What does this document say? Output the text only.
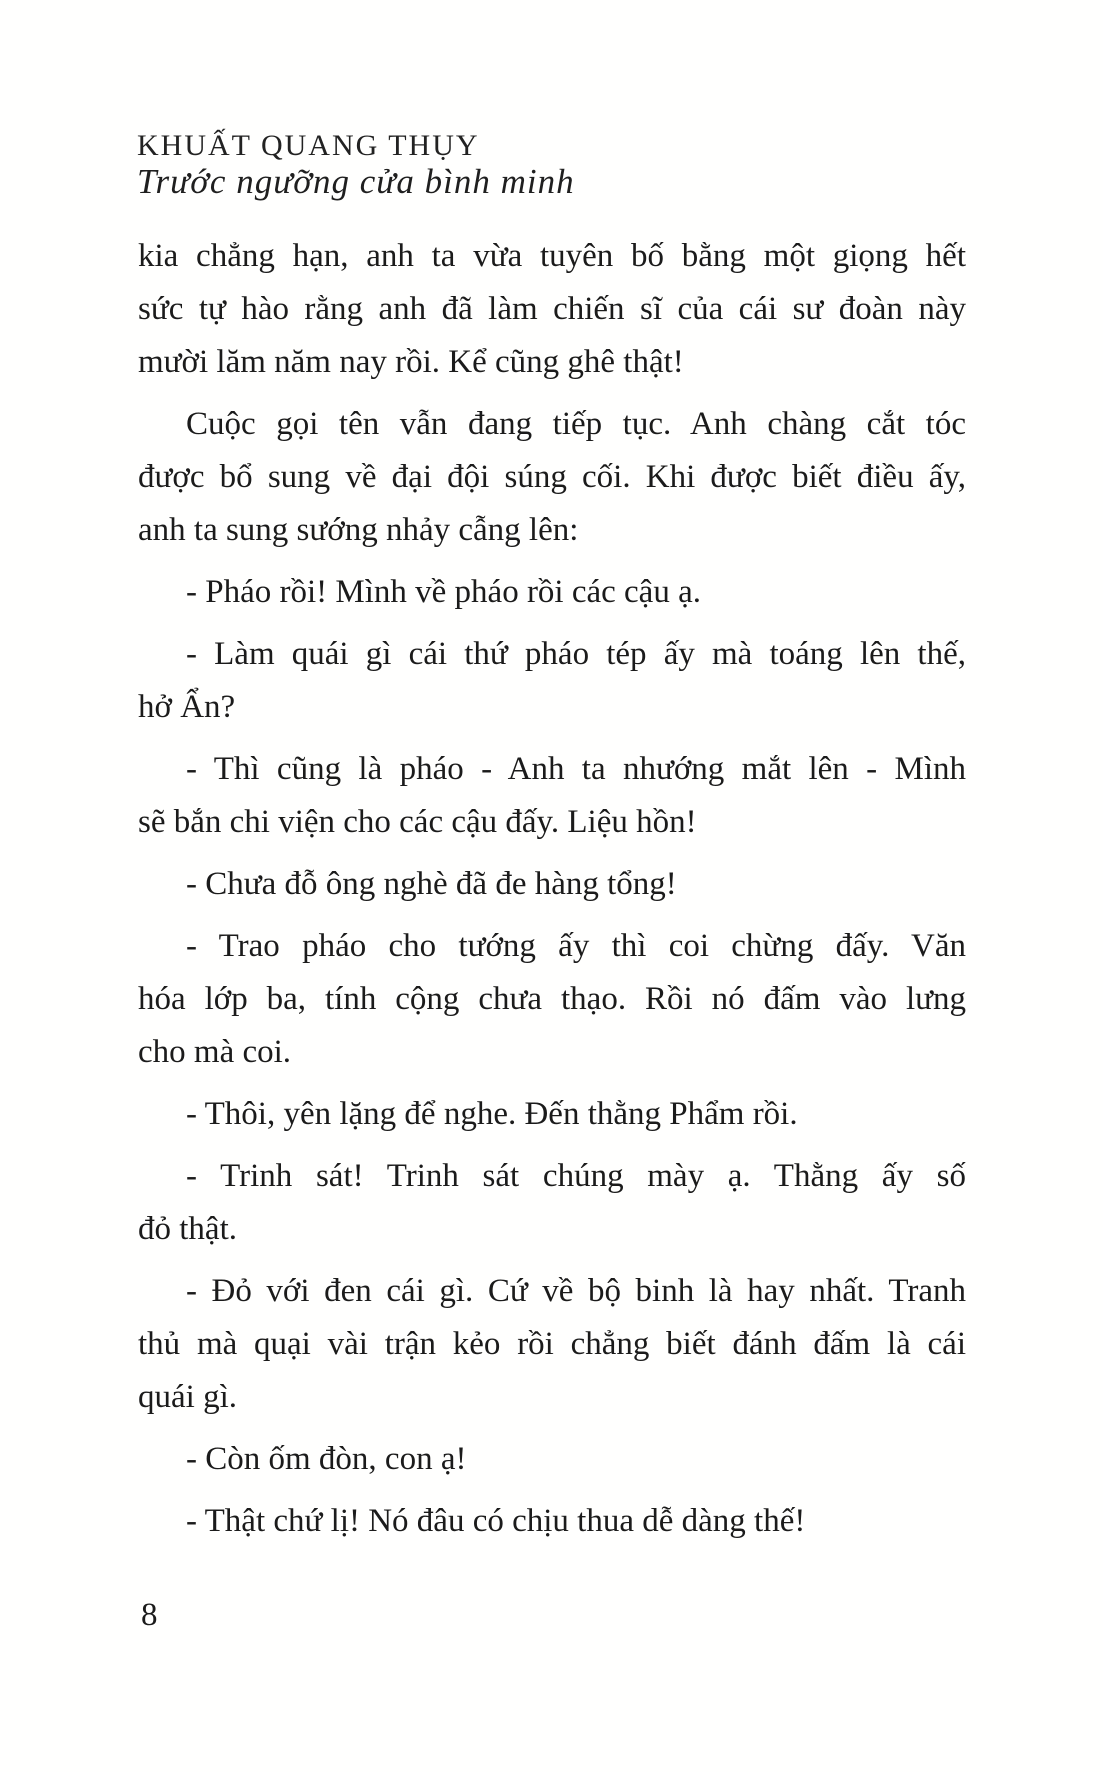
KHUẤT QUANG THỤY
Trước ngưỡng cửa bình minh
kia chẳng hạn, anh ta vừa tuyên bố bằng một giọng hết
sức tự hào rằng anh đã làm chiến sĩ của cái sư đoàn này
mười lăm năm nay rồi. Kể cũng ghê thật!
Cuộc gọi tên vẫn đang tiếp tục. Anh chàng cắt tóc
được bổ sung về đại đội súng cối. Khi được biết điều ấy,
anh ta sung sướng nhảy cẫng lên:
- Pháo rồi! Mình về pháo rồi các cậu ạ.
- Làm quái gì cái thứ pháo tép ấy mà toáng lên thế,
hở Ẩn?
- Thì cũng là pháo - Anh ta nhướng mắt lên - Mình
sẽ bắn chi viện cho các cậu đấy. Liệu hồn!
- Chưa đỗ ông nghè đã đe hàng tổng!
- Trao pháo cho tướng ấy thì coi chừng đấy. Văn
hóa lớp ba, tính cộng chưa thạo. Rồi nó đấm vào lưng
cho mà coi.
- Thôi, yên lặng để nghe. Đến thằng Phẩm rồi.
- Trinh sát! Trinh sát chúng mày ạ. Thằng ấy số
đỏ thật.
- Đỏ với đen cái gì. Cứ về bộ binh là hay nhất. Tranh
thủ mà quại vài trận kẻo rồi chẳng biết đánh đấm là cái
quái gì.
- Còn ốm đòn, con ạ!
- Thật chứ lị! Nó đâu có chịu thua dễ dàng thế!
8
